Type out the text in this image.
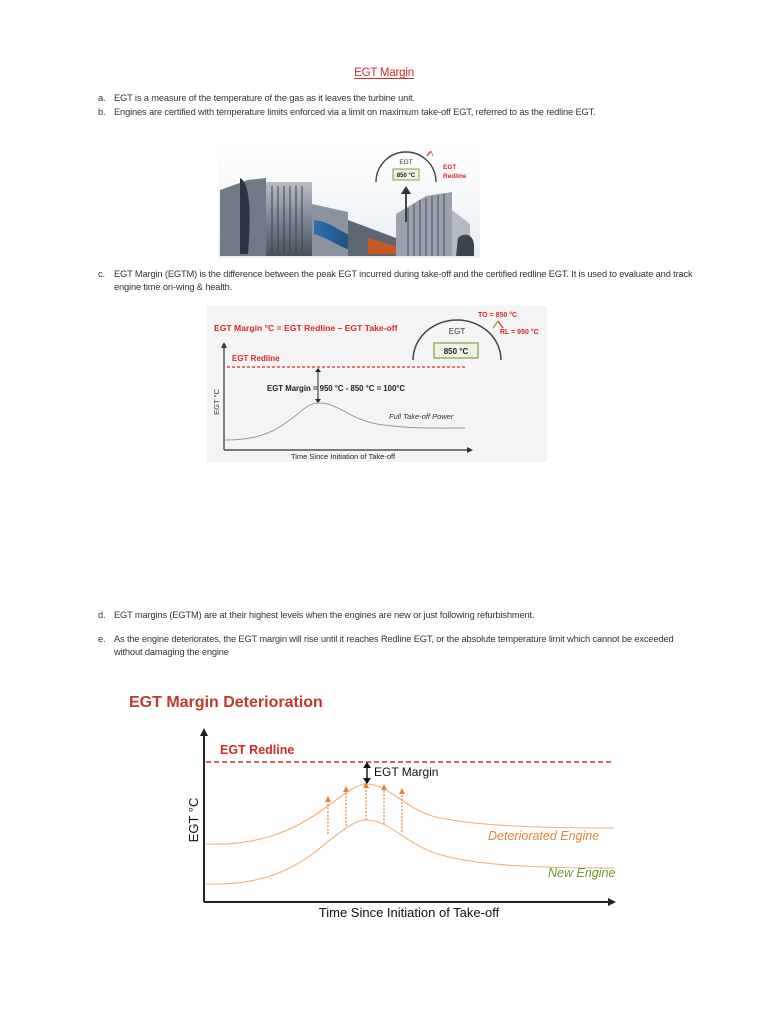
EGT Margin
a. EGT is a measure of the temperature of the gas as it leaves the turbine unit.
b. Engines are certified with temperature limits enforced via a limit on maximum take-off EGT, referred to as the redline EGT.
EGT
850 °C
EGT
Redline
c. EGT Margin (EGTM) is the difference between the peak EGT incurred during take-off and the certified redline EGT. It is used to evaluate and track engine time on-wing & health.
EGT Margin °C = EGT Redline – EGT Take-off	EGT
850 °C
TO = 850 °C
RL = 950 °C
EGT Redline
EGT Margin = 950 °C - 850 °C = 100°C
Full Take-off Power
EGT °C
Time Since Initiation of Take-off
d. EGT margins (EGTM) are at their highest levels when the engines are new or just following refurbishment.
e. As the engine deteriorates, the EGT margin will rise until it reaches Redline EGT, or the absolute temperature limit which cannot be exceeded without damaging the engine
EGT Margin Deterioration
EGT Redline
EGT Margin
Deteriorated Engine
New Engine
EGT °C
Time Since Initiation of Take-off
